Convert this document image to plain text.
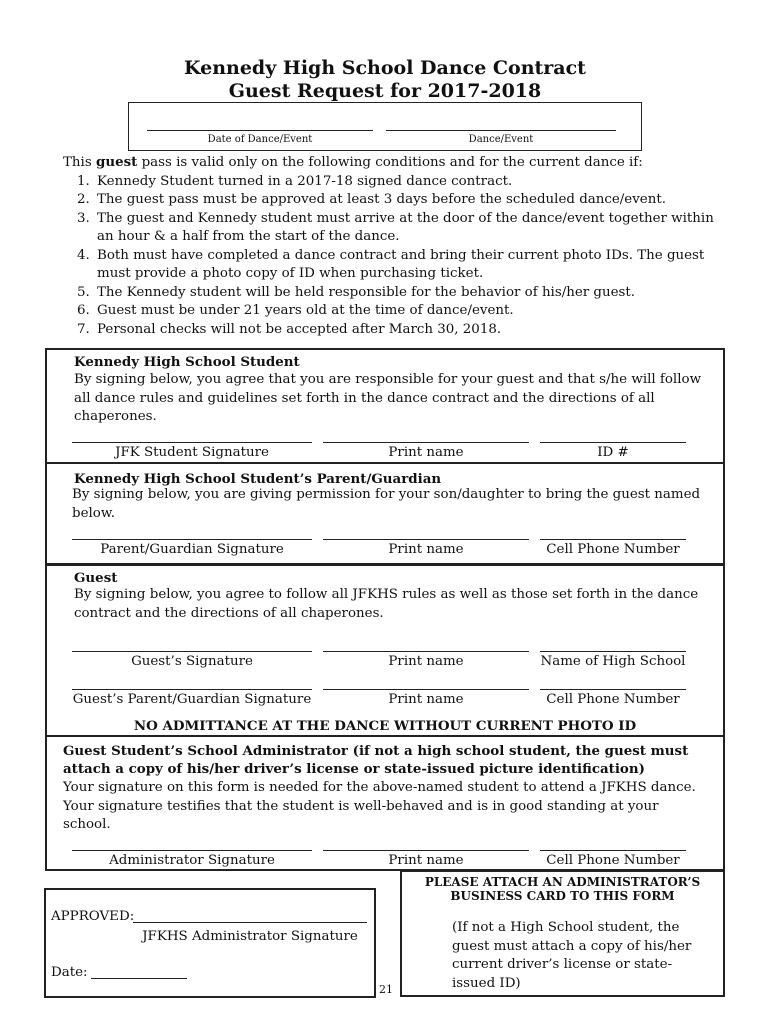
Kennedy High School Dance Contract
Guest Request for 2017-2018
Date of Dance/Event	Dance/Event
This guest pass is valid only on the following conditions and for the current dance if:
1. Kennedy Student turned in a 2017-18 signed dance contract.
2. The guest pass must be approved at least 3 days before the scheduled dance/event.
3. The guest and Kennedy student must arrive at the door of the dance/event together within an hour & a half from the start of the dance.
4. Both must have completed a dance contract and bring their current photo IDs. The guest must provide a photo copy of ID when purchasing ticket.
5. The Kennedy student will be held responsible for the behavior of his/her guest.
6. Guest must be under 21 years old at the time of dance/event.
7. Personal checks will not be accepted after March 30, 2018.
Kennedy High School Student
By signing below, you agree that you are responsible for your guest and that s/he will follow all dance rules and guidelines set forth in the dance contract and the directions of all chaperones.
JFK Student Signature	Print name	ID #
Kennedy High School Student’s Parent/Guardian
By signing below, you are giving permission for your son/daughter to bring the guest named below.
Parent/Guardian Signature	Print name	Cell Phone Number
Guest
By signing below, you agree to follow all JFKHS rules as well as those set forth in the dance contract and the directions of all chaperones.
Guest’s Signature	Print name	Name of High School
Guest’s Parent/Guardian Signature	Print name	Cell Phone Number
NO ADMITTANCE AT THE DANCE WITHOUT CURRENT PHOTO ID
Guest Student’s School Administrator (if not a high school student, the guest must
attach a copy of his/her driver’s license or state-issued picture identification)
Your signature on this form is needed for the above-named student to attend a JFKHS dance. Your signature testifies that the student is well-behaved and is in good standing at your school.
Administrator Signature	Print name	Cell Phone Number
APPROVED:
JFKHS Administrator Signature
Date:
21
PLEASE ATTACH AN ADMINISTRATOR’S
BUSINESS CARD TO THIS FORM
(If not a High School student, the guest must attach a copy of his/her current driver’s license or state-issued ID)
